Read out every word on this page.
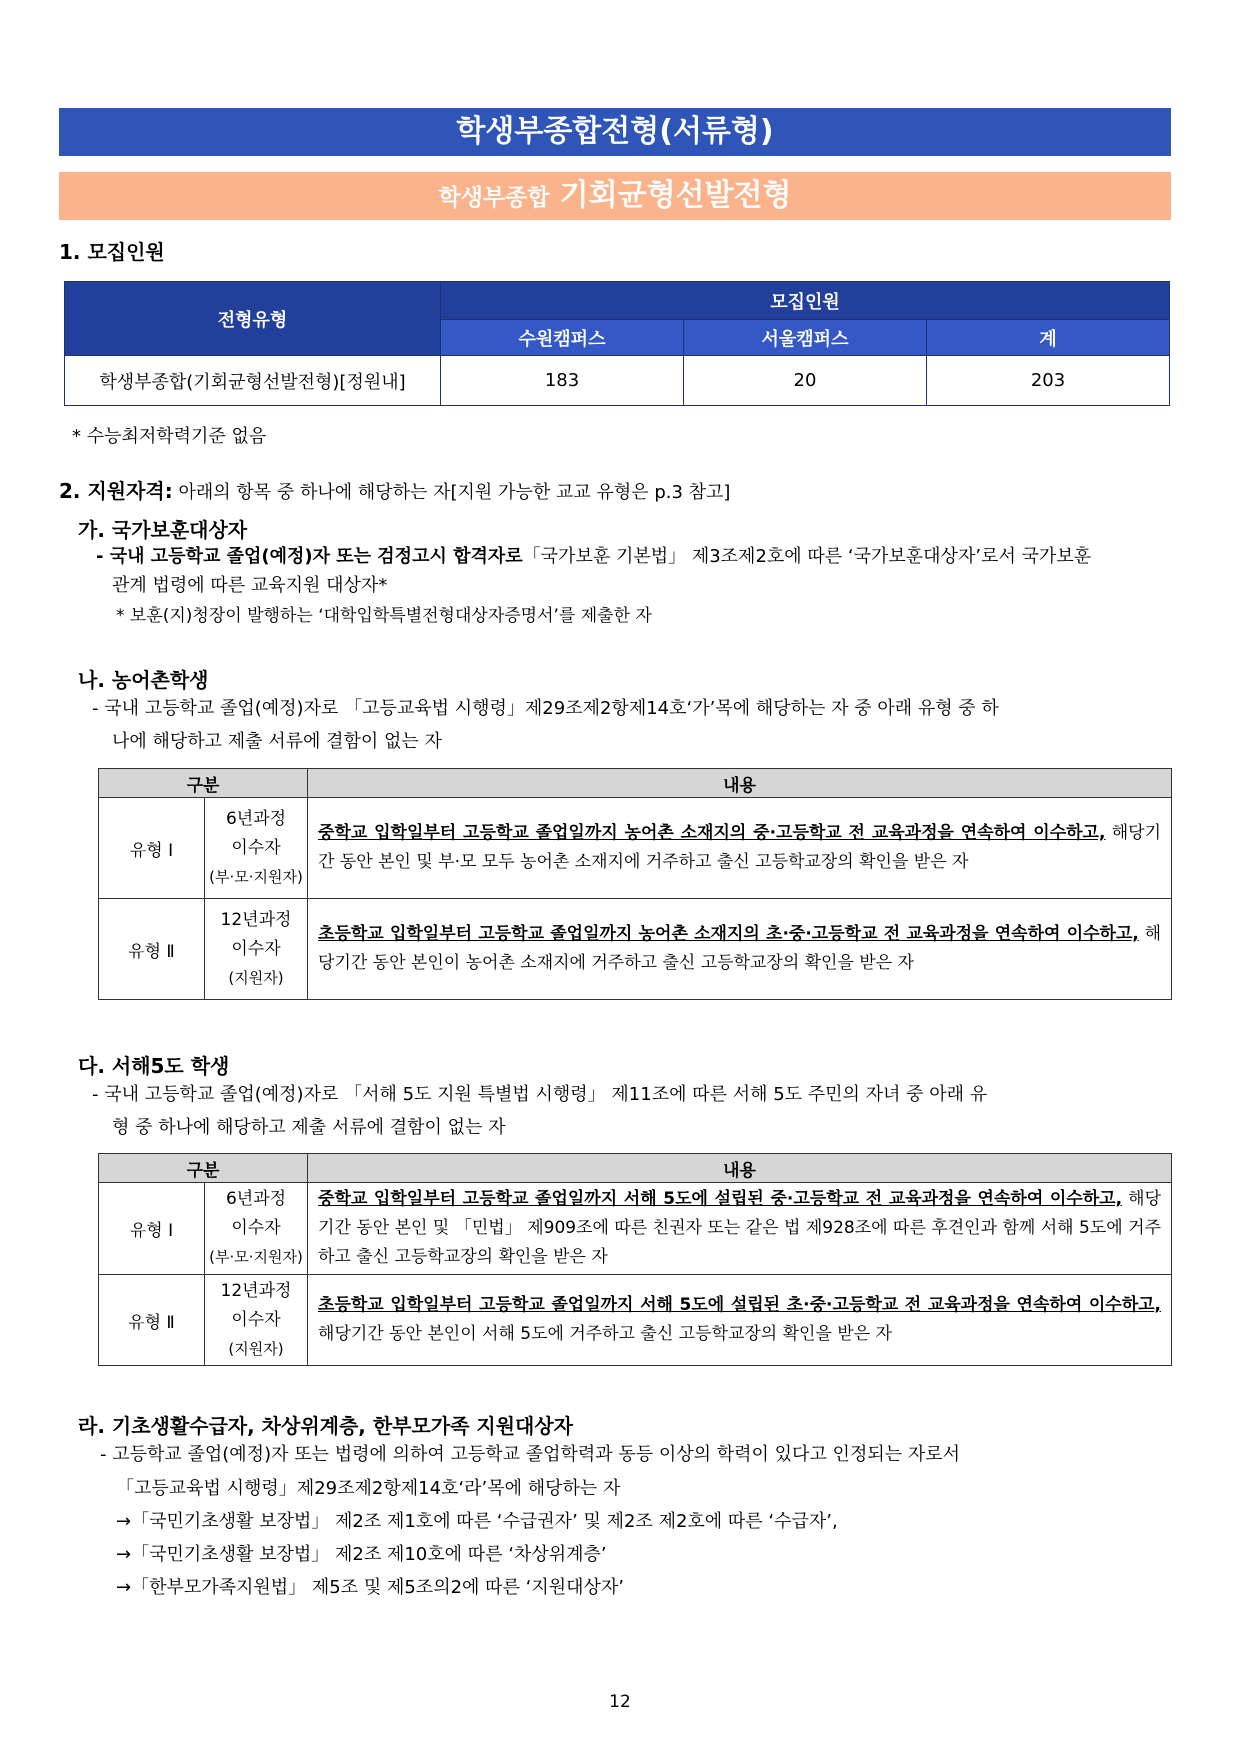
학생부종합전형(서류형)
학생부종합 기회균형선발전형
1. 모집인원
전형유형	모집인원		
	수원캠퍼스	서울캠퍼스	계
학생부종합(기회균형선발전형)[정원내]	183	20	203
* 수능최저학력기준 없음
2. 지원자격: 아래의 항목 중 하나에 해당하는 자[지원 가능한 교교 유형은 p.3 참고]
가. 국가보훈대상자
- 국내 고등학교 졸업(예정)자 또는 검정고시 합격자로「국가보훈 기본법」 제3조제2호에 따른 ‘국가보훈대상자’로서 국가보훈
관계 법령에 따른 교육지원 대상자*
* 보훈(지)청장이 발행하는 ‘대학입학특별전형대상자증명서’를 제출한 자
나. 농어촌학생
- 국내 고등학교 졸업(예정)자로 「고등교육법 시행령」제29조제2항제14호‘가’목에 해당하는 자 중 아래 유형 중 하
나에 해당하고 제출 서류에 결함이 없는 자
구분		내용
유형 Ⅰ	6년과정
이수자
(부·모·지원자)	중학교 입학일부터 고등학교 졸업일까지 농어촌 소재지의 중·고등학교 전 교육과정을 연속하여 이수하고, 해당기간 동안 본인 및 부·모 모두 농어촌 소재지에 거주하고 출신 고등학교장의 확인을 받은 자
유형 Ⅱ	12년과정
이수자
(지원자)	초등학교 입학일부터 고등학교 졸업일까지 농어촌 소재지의 초·중·고등학교 전 교육과정을 연속하여 이수하고, 해당기간 동안 본인이 농어촌 소재지에 거주하고 출신 고등학교장의 확인을 받은 자
다. 서해5도 학생
- 국내 고등학교 졸업(예정)자로 「서해 5도 지원 특별법 시행령」 제11조에 따른 서해 5도 주민의 자녀 중 아래 유
형 중 하나에 해당하고 제출 서류에 결함이 없는 자
구분		내용
유형 Ⅰ	6년과정
이수자
(부·모·지원자)	중학교 입학일부터 고등학교 졸업일까지 서해 5도에 설립된 중·고등학교 전 교육과정을 연속하여 이수하고, 해당기간 동안 본인 및 「민법」 제909조에 따른 친권자 또는 같은 법 제928조에 따른 후견인과 함께 서해 5도에 거주하고 출신 고등학교장의 확인을 받은 자
유형 Ⅱ	12년과정
이수자
(지원자)	초등학교 입학일부터 고등학교 졸업일까지 서해 5도에 설립된 초·중·고등학교 전 교육과정을 연속하여 이수하고, 해당기간 동안 본인이 서해 5도에 거주하고 출신 고등학교장의 확인을 받은 자
라. 기초생활수급자, 차상위계층, 한부모가족 지원대상자
- 고등학교 졸업(예정)자 또는 법령에 의하여 고등학교 졸업학력과 동등 이상의 학력이 있다고 인정되는 자로서
「고등교육법 시행령」제29조제2항제14호‘라’목에 해당하는 자
→「국민기초생활 보장법」 제2조 제1호에 따른 ‘수급권자’ 및 제2조 제2호에 따른 ‘수급자’,
→「국민기초생활 보장법」 제2조 제10호에 따른 ‘차상위계층’
→「한부모가족지원법」 제5조 및 제5조의2에 따른 ‘지원대상자’
12
